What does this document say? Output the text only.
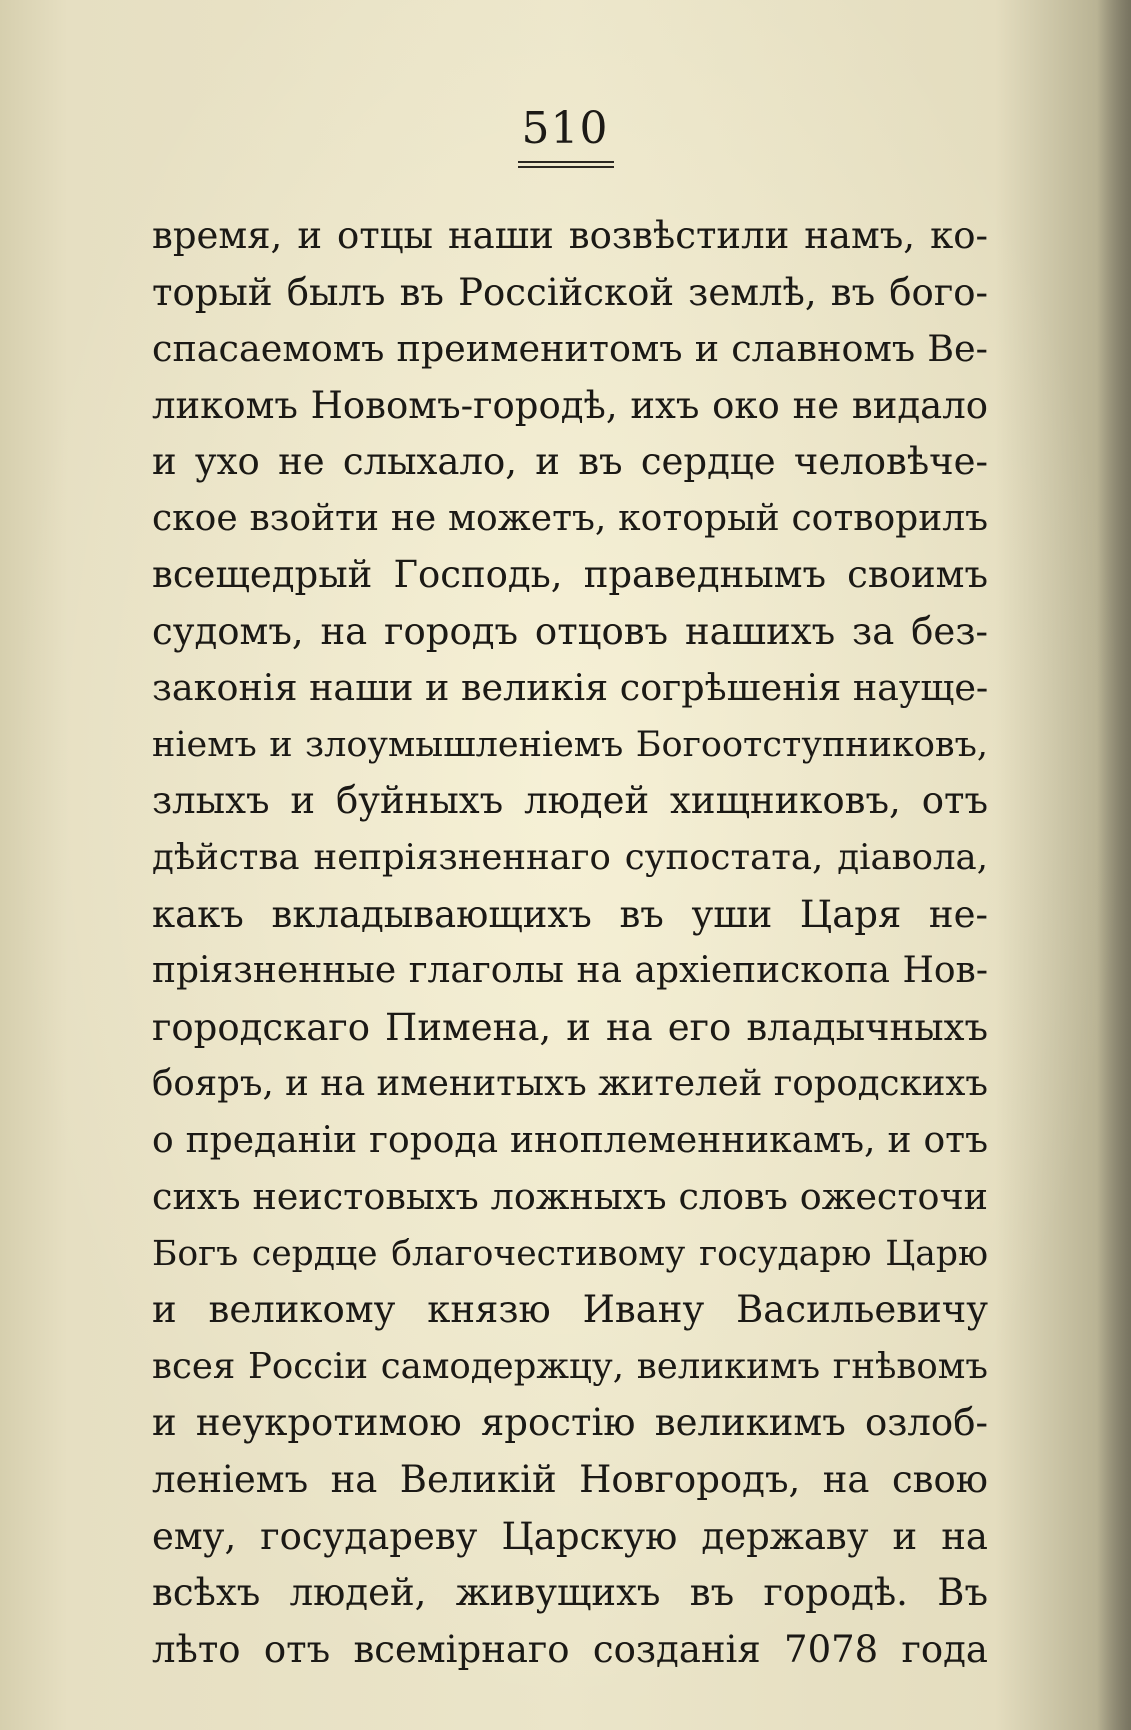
510
время, и отцы наши возвѣстили намъ, ко-
торый былъ въ Россійской землѣ, въ бого-
спасаемомъ преименитомъ и славномъ Ве-
ликомъ Новомъ-городѣ, ихъ око не видало
и ухо не слыхало, и въ сердце человѣче-
ское взойти не можетъ, который сотворилъ
всещедрый Господь, праведнымъ своимъ
судомъ, на городъ отцовъ нашихъ за без-
законія наши и великія согрѣшенія науще-
ніемъ и злоумышленіемъ Богоотступниковъ,
злыхъ и буйныхъ людей хищниковъ, отъ
дѣйства непріязненнаго супостата, діавола,
какъ вкладывающихъ въ уши Царя не-
пріязненные глаголы на архіепископа Нов-
городскаго Пимена, и на его владычныхъ
бояръ, и на именитыхъ жителей городскихъ
о преданіи города иноплеменникамъ, и отъ
сихъ неистовыхъ ложныхъ словъ ожесточи
Богъ сердце благочестивому государю Царю
и великому князю Ивану Васильевичу
всея Россіи самодержцу, великимъ гнѣвомъ
и неукротимою яростію великимъ озлоб-
леніемъ на Великій Новгородъ, на свою
ему, государеву Царскую державу и на
всѣхъ людей, живущихъ въ городѣ. Въ
лѣто отъ всемірнаго созданія 7078 года
